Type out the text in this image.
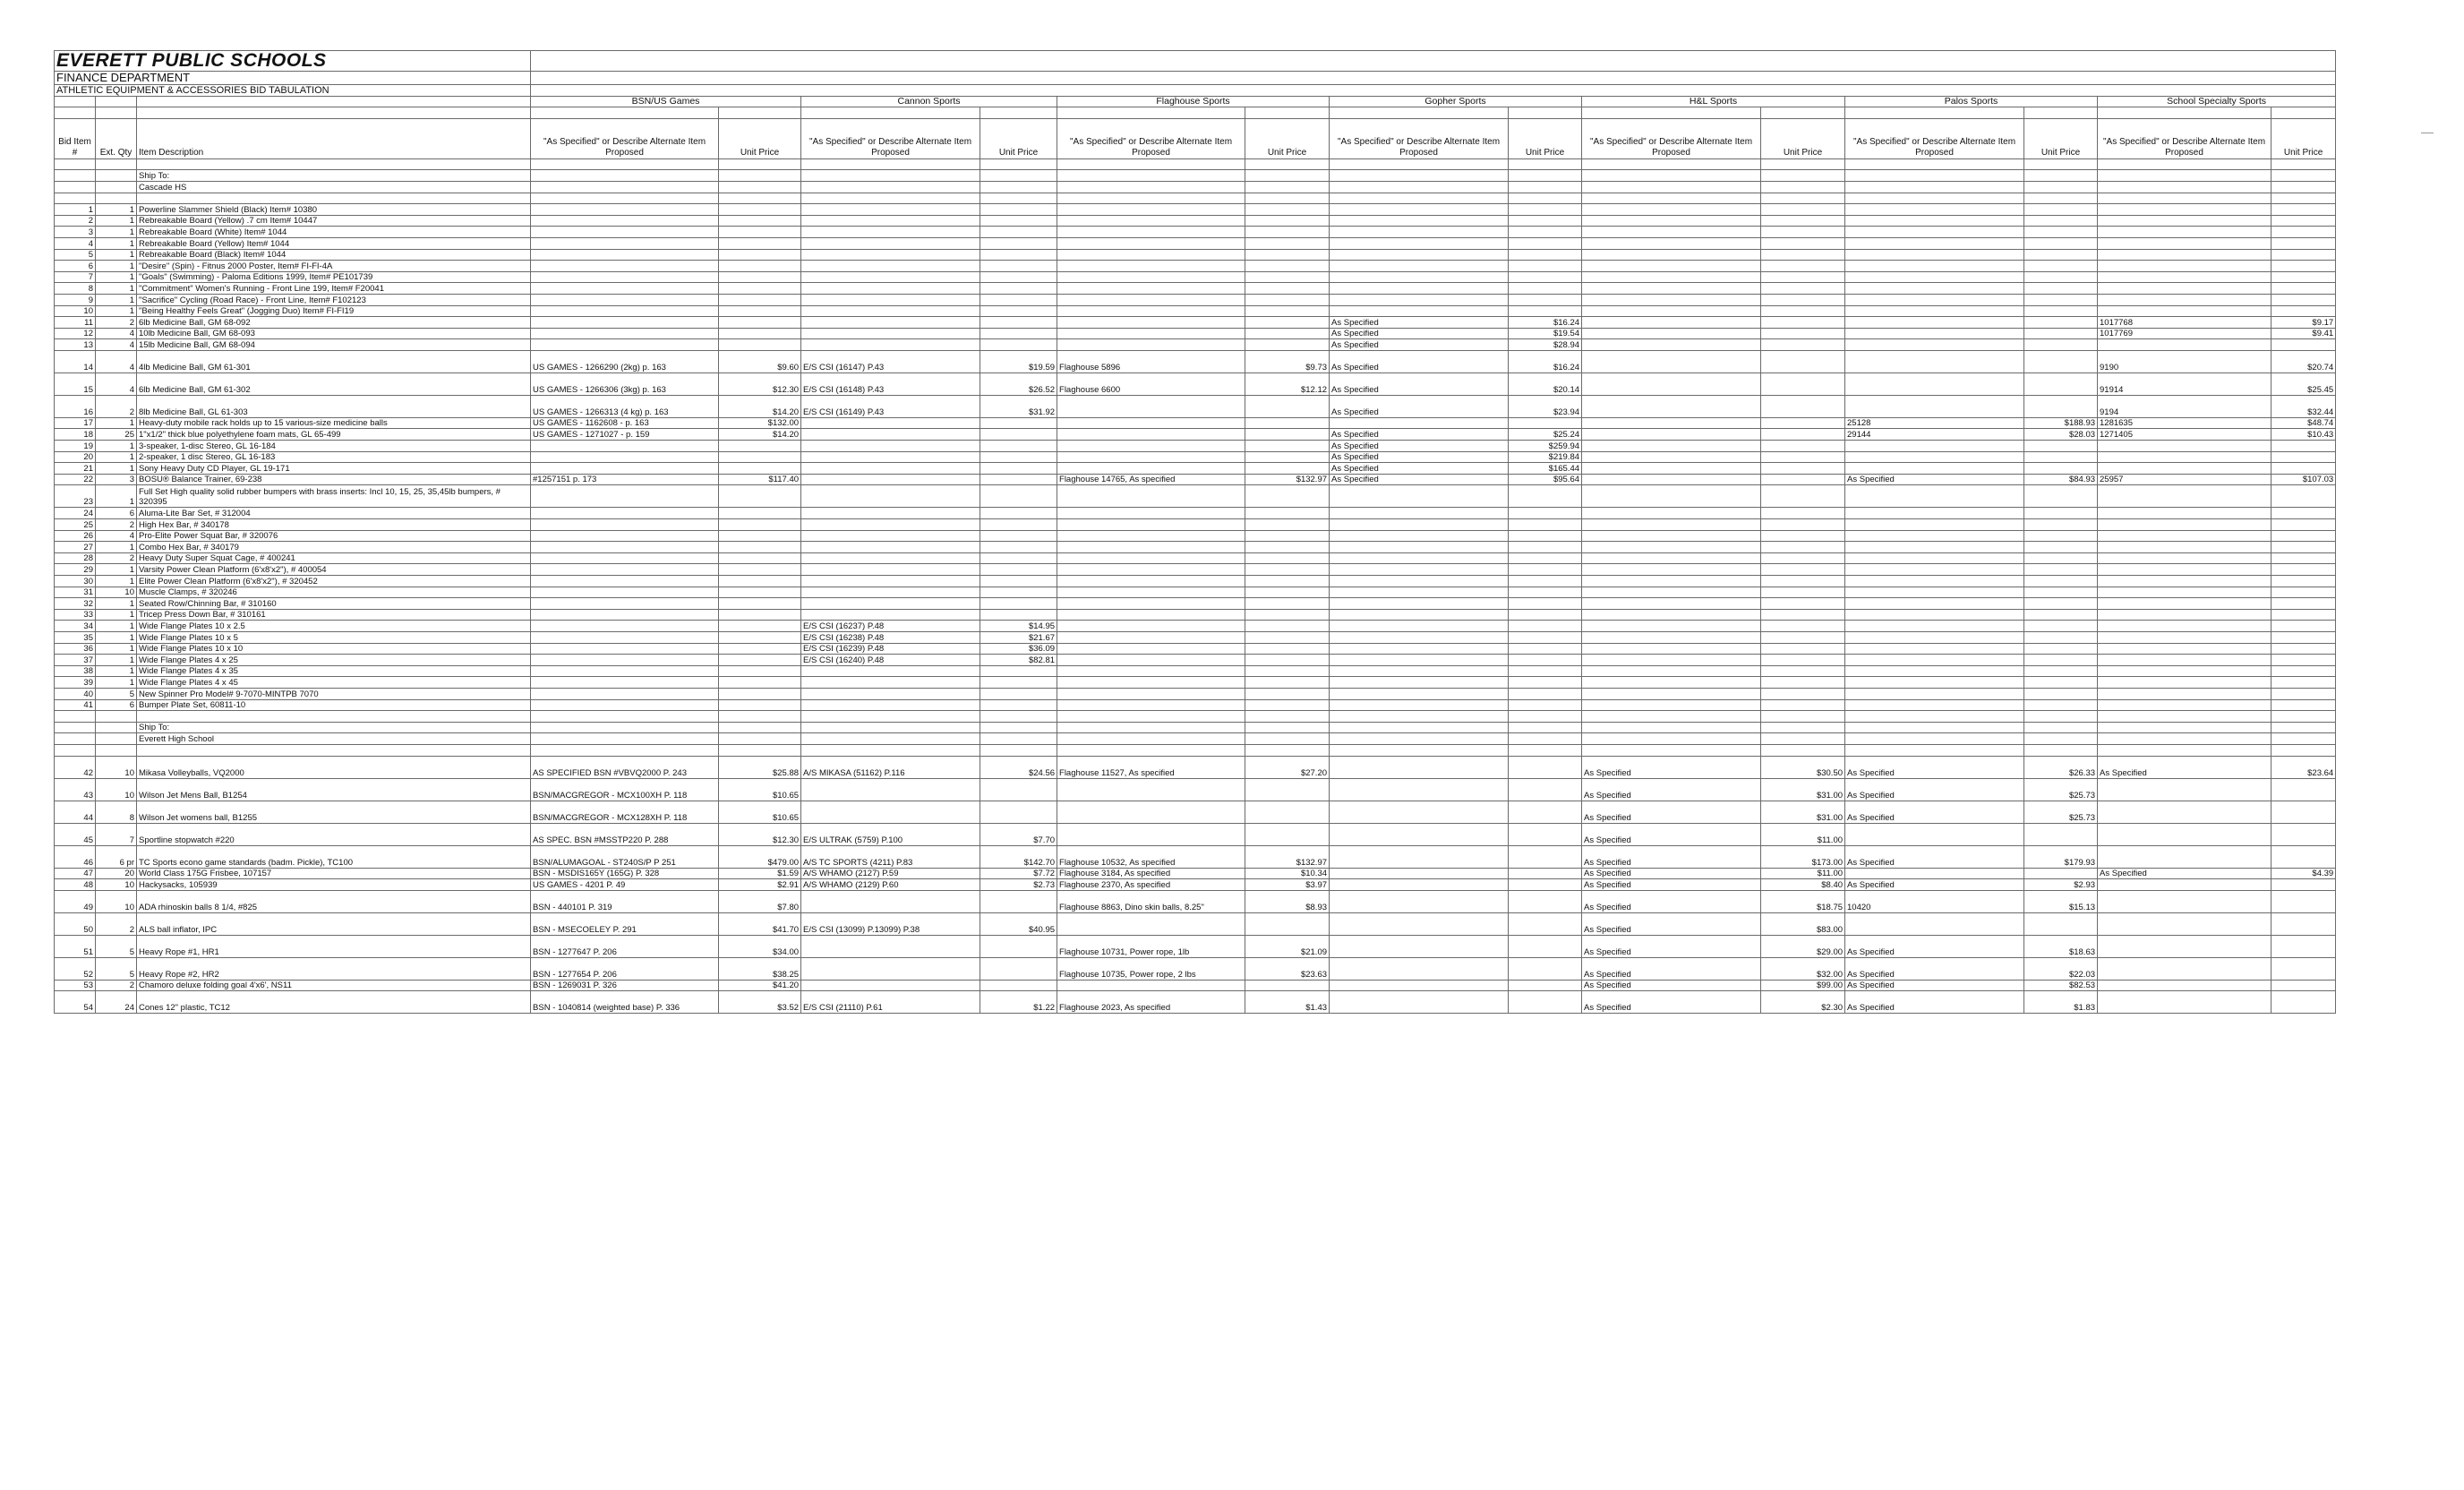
EVERETT PUBLIC SCHOOLS																
FINANCE DEPARTMENT																
ATHLETIC EQUIPMENT & ACCESSORIES BID TABULATION																
			BSN/US Games		Cannon Sports		Flaghouse Sports		Gopher Sports		H&L Sports		Palos Sports		School Specialty Sports	

Bid Item #	Ext. Qty	Item Description	"As Specified" or Describe Alternate Item Proposed	Unit Price	"As Specified" or Describe Alternate Item Proposed	Unit Price	"As Specified" or Describe Alternate Item Proposed	Unit Price	"As Specified" or Describe Alternate Item Proposed	Unit Price	"As Specified" or Describe Alternate Item Proposed	Unit Price	"As Specified" or Describe Alternate Item Proposed	Unit Price	"As Specified" or Describe Alternate Item Proposed	Unit Price

		Ship To:														
		Cascade HS														

1	1	Powerline Slammer Shield (Black) Item# 10380														
2	1	Rebreakable Board (Yellow) .7 cm Item# 10447														
3	1	Rebreakable Board (White) Item# 1044														
4	1	Rebreakable Board (Yellow) Item# 1044														
5	1	Rebreakable Board (Black) Item# 1044														
6	1	"Desire" (Spin) - Fitnus 2000 Poster, Item# FI-FI-4A														
7	1	"Goals" (Swimming) - Paloma Editions 1999, Item# PE101739														
8	1	"Commitment" Women's Running - Front Line 199, Item# F20041														
9	1	"Sacrifice" Cycling (Road Race) - Front Line, Item# F102123														
10	1	"Being Healthy Feels Great" (Jogging Duo) Item# FI-FI19														
11	2	6lb Medicine Ball, GM 68-092							As Specified	$16.24					1017768	$9.17
12	4	10lb Medicine Ball, GM 68-093							As Specified	$19.54					1017769	$9.41
13	4	15lb Medicine Ball, GM 68-094							As Specified	$28.94						
14	4	4lb Medicine Ball, GM 61-301	US GAMES - 1266290 (2kg) p. 163	$9.60	E/S CSI (16147) P.43	$19.59	Flaghouse 5896	$9.73	As Specified	$16.24					9190	$20.74
15	4	6lb Medicine Ball, GM 61-302	US GAMES - 1266306 (3kg) p. 163	$12.30	E/S CSI (16148) P.43	$26.52	Flaghouse 6600	$12.12	As Specified	$20.14					91914	$25.45
16	2	8lb Medicine Ball, GL 61-303	US GAMES - 1266313 (4 kg) p. 163	$14.20	E/S CSI (16149) P.43	$31.92			As Specified	$23.94					9194	$32.44
17	1	Heavy-duty mobile rack holds up to 15 various-size medicine balls	US GAMES - 1162608 - p. 163	$132.00									25128	$188.93	1281635	$48.74
18	25	1"x1/2" thick blue polyethylene foam mats, GL 65-499	US GAMES - 1271027 - p. 159	$14.20					As Specified	$25.24			29144	$28.03	1271405	$10.43
19	1	3-speaker, 1-disc Stereo, GL 16-184							As Specified	$259.94						
20	1	2-speaker, 1 disc Stereo, GL 16-183							As Specified	$219.84						
21	1	Sony Heavy Duty CD Player, GL 19-171							As Specified	$165.44						
22	3	BOSU® Balance Trainer, 69-238	#1257151 p. 173	$117.40			Flaghouse 14765, As specified	$132.97	As Specified	$95.64			As Specified	$84.93	25957	$107.03
23	1	Full Set High quality solid rubber bumpers with brass inserts: Incl 10, 15, 25, 35,45lb bumpers, # 320395														
24	6	Aluma-Lite Bar Set, # 312004														
25	2	High Hex Bar, # 340178														
26	4	Pro-Elite Power Squat Bar, # 320076														
27	1	Combo Hex Bar, # 340179														
28	2	Heavy Duty Super Squat Cage, # 400241														
29	1	Varsity Power Clean Platform (6'x8'x2"), # 400054														
30	1	Elite Power Clean Platform (6'x8'x2"), # 320452														
31	10	Muscle Clamps, # 320246														
32	1	Seated Row/Chinning Bar, # 310160														
33	1	Tricep Press Down Bar, # 310161														
34	1	Wide Flange Plates 10 x 2.5			E/S CSI (16237) P.48	$14.95										
35	1	Wide Flange Plates 10 x 5			E/S CSI (16238) P.48	$21.67										
36	1	Wide Flange Plates 10 x 10			E/S CSI (16239) P.48	$36.09										
37	1	Wide Flange Plates 4 x 25			E/S CSI (16240) P.48	$82.81										
38	1	Wide Flange Plates 4 x 35														
39	1	Wide Flange Plates 4 x 45														
40	5	New Spinner Pro Model# 9-7070-MINTPB 7070														
41	6	Bumper Plate Set, 60811-10														

		Ship To:														
		Everett High School														

42	10	Mikasa Volleyballs, VQ2000	AS SPECIFIED BSN #VBVQ2000 P. 243	$25.88	A/S MIKASA (51162) P.116	$24.56	Flaghouse 11527, As specified	$27.20			As Specified	$30.50	As Specified	$26.33	As Specified	$23.64
43	10	Wilson Jet Mens Ball, B1254	BSN/MACGREGOR - MCX100XH P. 118	$10.65							As Specified	$31.00	As Specified	$25.73		
44	8	Wilson Jet womens ball, B1255	BSN/MACGREGOR - MCX128XH P. 118	$10.65							As Specified	$31.00	As Specified	$25.73		
45	7	Sportline stopwatch #220	AS SPEC. BSN #MSSTP220 P. 288	$12.30	E/S ULTRAK (5759) P.100	$7.70					As Specified	$11.00				
46	6 pr	TC Sports econo game standards (badm. Pickle), TC100	BSN/ALUMAGOAL - ST240S/P P 251	$479.00	A/S TC SPORTS (4211) P.83	$142.70	Flaghouse 10532, As specified	$132.97			As Specified	$173.00	As Specified	$179.93		
47	20	World Class 175G Frisbee, 107157	BSN - MSDIS165Y (165G) P. 328	$1.59	A/S WHAMO (2127) P.59	$7.72	Flaghouse 3184, As specified	$10.34			As Specified	$11.00			As Specified	$4.39
48	10	Hackysacks, 105939	US GAMES - 4201 P. 49	$2.91	A/S WHAMO (2129) P.60	$2.73	Flaghouse 2370, As specified	$3.97			As Specified	$8.40	As Specified	$2.93		
49	10	ADA rhinoskin balls 8 1/4, #825	BSN - 440101 P. 319	$7.80			Flaghouse 8863, Dino skin balls, 8.25"	$8.93			As Specified	$18.75	10420	$15.13		
50	2	ALS ball inflator, IPC	BSN - MSECOELEY P. 291	$41.70	E/S CSI (13099) P.13099) P.38	$40.95					As Specified	$83.00				
51	5	Heavy Rope #1, HR1	BSN - 1277647 P. 206	$34.00			Flaghouse 10731, Power rope, 1lb	$21.09			As Specified	$29.00	As Specified	$18.63		
52	5	Heavy Rope #2, HR2	BSN - 1277654 P. 206	$38.25			Flaghouse 10735, Power rope, 2 lbs	$23.63			As Specified	$32.00	As Specified	$22.03		
53	2	Chamoro deluxe folding goal 4'x6', NS11	BSN - 1269031 P. 326	$41.20							As Specified	$99.00	As Specified	$82.53		
54	24	Cones 12" plastic, TC12	BSN - 1040814 (weighted base) P. 336	$3.52	E/S CSI (21110) P.61	$1.22	Flaghouse 2023, As specified	$1.43			As Specified	$2.30	As Specified	$1.83		
